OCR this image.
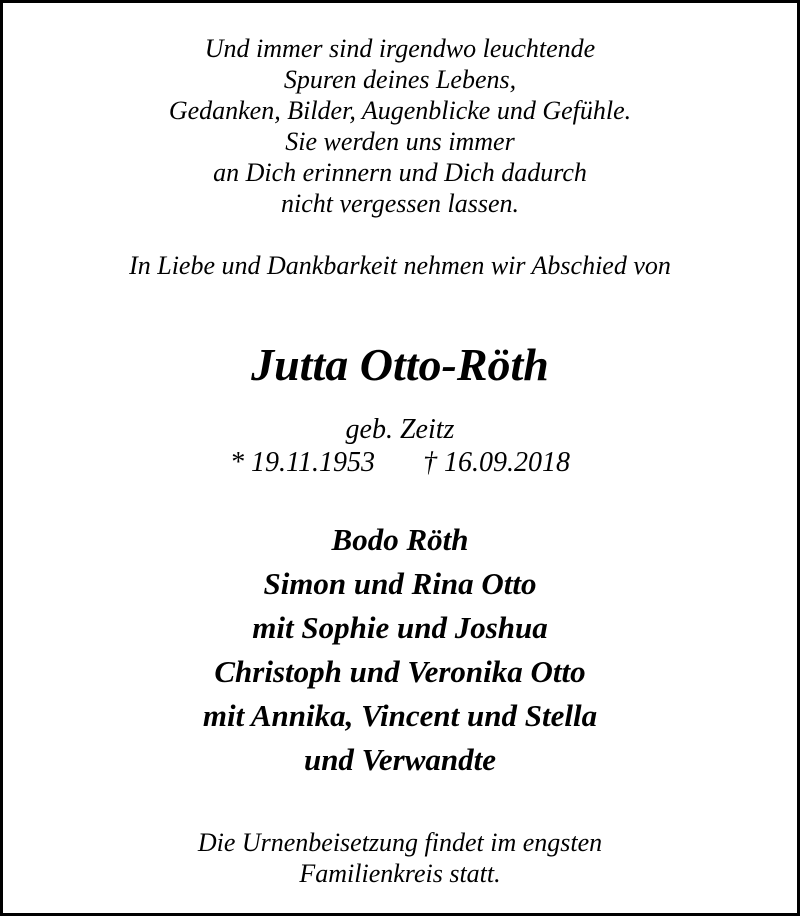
Und immer sind irgendwo leuchtende
Spuren deines Lebens,
Gedanken, Bilder, Augenblicke und Gefühle.
Sie werden uns immer
an Dich erinnern und Dich dadurch
nicht vergessen lassen.
In Liebe und Dankbarkeit nehmen wir Abschied von
Jutta Otto-Röth
geb. Zeitz
* 19.11.1953 † 16.09.2018
Bodo Röth
Simon und Rina Otto
mit Sophie und Joshua
Christoph und Veronika Otto
mit Annika, Vincent und Stella
und Verwandte
Die Urnenbeisetzung findet im engsten
Familienkreis statt.
